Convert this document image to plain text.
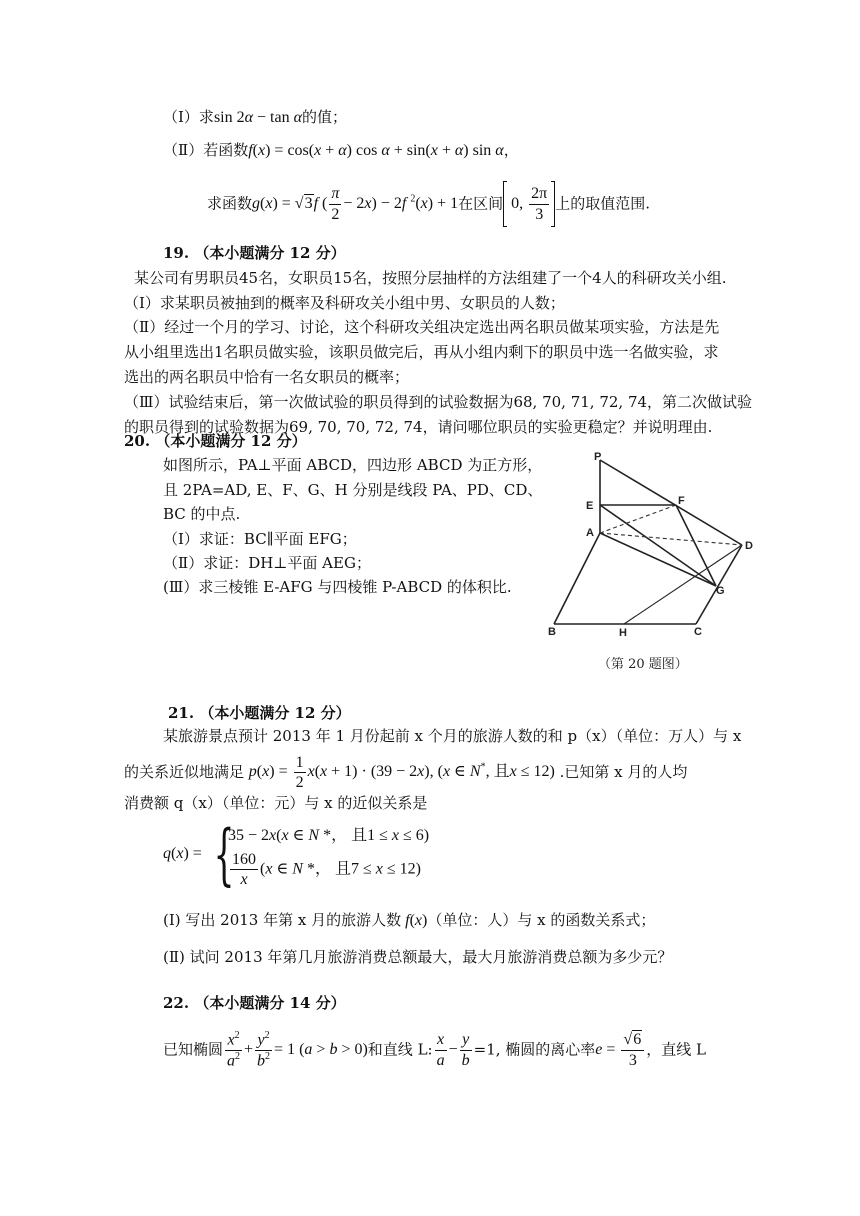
（Ⅰ）求sin 2α − tan α的值；
（Ⅱ）若函数f(x) = cos(x + α) cos α + sin(x + α) sin α，
求函数g(x) = √3f ( $\frac{\pi}{2} - 2x) - 2f$ $^2$(x) + 1在区间 0, $\frac{2\pi}{3}$ 上的取值范围.
19. （本小题满分 12 分）
某公司有男职员45名，女职员15名，按照分层抽样的方法组建了一个4人的科研攻关小组.
（Ⅰ）求某职员被抽到的概率及科研攻关小组中男、女职员的人数；
（Ⅱ）经过一个月的学习、讨论，这个科研攻关组决定选出两名职员做某项实验，方法是先
从小组里选出1名职员做实验，该职员做完后，再从小组内剩下的职员中选一名做实验，求
选出的两名职员中恰有一名女职员的概率；
（Ⅲ）试验结束后，第一次做试验的职员得到的试验数据为68, 70, 71, 72, 74，第二次做试验
的职员得到的试验数据为69, 70, 70, 72, 74，请问哪位职员的实验更稳定？并说明理由.
20. （本小题满分 12 分）
如图所示，PA⊥平面 ABCD，四边形 ABCD 为正方形，
且 2PA=AD, E、F、G、H 分别是线段 PA、PD、CD、
BC 的中点.
（Ⅰ）求证：BC∥平面 EFG；
（Ⅱ）求证：DH⊥平面 AEG；
(Ⅲ）求三棱锥 E-AFG 与四棱锥 P-ABCD 的体积比.
P
E	F
A
D
G
B	H	C
（第 20 题图）
21. （本小题满分 12 分）
某旅游景点预计 2013 年 1 月份起前 x 个月的旅游人数的和 p（x）（单位：万人）与 x
的关系近似地满足 $p(x) = \frac{1}{2} x(x + 1) \cdot (39 - 2x)$, (x ∈ N*, 且x ≤ 12) .已知第 x 月的人均
消费额 q（x）（单位：元）与 x 的近似关系是
q(x) = {
35 − 2x(x ∈ N *， 且1 ≤ x ≤ 6)
$\frac{160}{x} (x$ ∈ N *， 且7 ≤ x ≤ 12)
(Ⅰ) 写出 2013 年第 x 月的旅游人数 f(x)（单位：人）与 x 的函数关系式；
(Ⅱ) 试问 2013 年第几月旅游消费总额最大，最大月旅游消费总额为多少元？
22. （本小题满分 14 分）
已知椭圆 $\frac{x^2}{a^2} + \frac{y^2}{b^2} = 1$ (a > b > 0)和直线 L: $\frac{x}{a} - \frac{y}{b} =1$, 椭圆的离心率$e = \frac{√6}{3}$ ，直线 L
